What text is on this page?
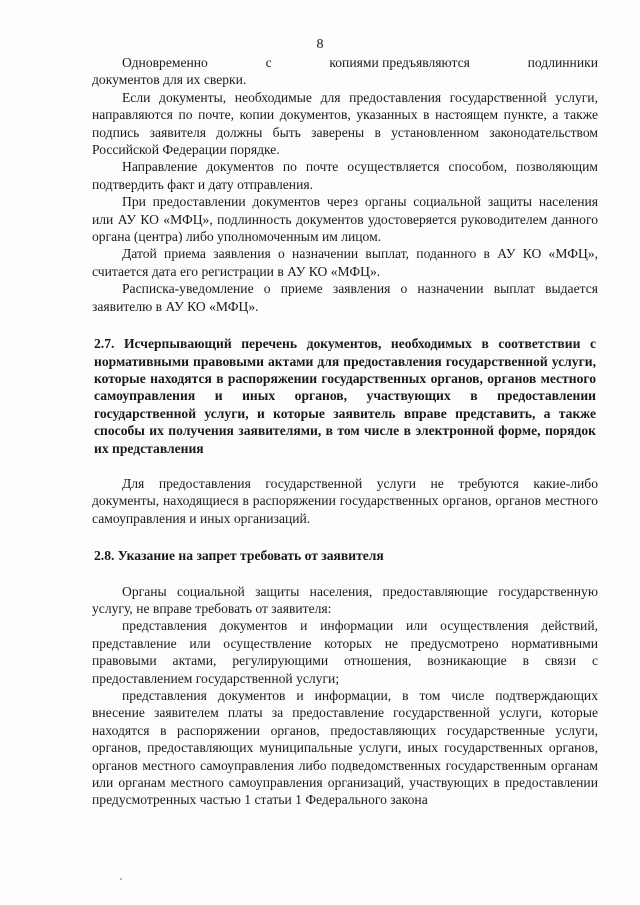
8
Одновременно	с	копиями предъявляются	подлинники

документов для их сверки.

Если документы, необходимые для предоставления государственной услуги, направляются по почте, копии документов, указанных в настоящем пункте, а также подпись заявителя должны быть заверены в установленном законодательством Российской Федерации порядке.

Направление документов по почте осуществляется способом, позволяющим подтвердить факт и дату отправления.

При предоставлении документов через органы социальной защиты населения или АУ КО «МФЦ», подлинность документов удостоверяется руководителем данного органа (центра) либо уполномоченным им лицом.

Датой приема заявления о назначении выплат, поданного в АУ КО «МФЦ», считается дата его регистрации в АУ КО «МФЦ».

Расписка-уведомление о приеме заявления о назначении выплат выдается заявителю в АУ КО «МФЦ».

2.7. Исчерпывающий перечень документов, необходимых в соответствии с нормативными правовыми актами для предоставления государственной услуги, которые находятся в распоряжении государственных органов, органов местного самоуправления и иных органов, участвующих в предоставлении государственной услуги, и которые заявитель вправе представить, а также способы их получения заявителями, в том числе в электронной форме, порядок их представления

Для предоставления государственной услуги не требуются какие-либо документы, находящиеся в распоряжении государственных органов, органов местного самоуправления и иных организаций.

2.8. Указание на запрет требовать от заявителя

Органы социальной защиты населения, предоставляющие государственную услугу, не вправе требовать от заявителя:

представления документов и информации или осуществления действий, представление или осуществление которых не предусмотрено нормативными правовыми актами, регулирующими отношения, возникающие в связи с предоставлением государственной услуги;

представления документов и информации, в том числе подтверждающих внесение заявителем платы за предоставление государственной услуги, которые находятся в распоряжении органов, предоставляющих государственные услуги, органов, предоставляющих муниципальные услуги, иных государственных органов, органов местного самоуправления либо подведомственных государственным органам или органам местного самоуправления организаций, участвующих в предоставлении предусмотренных частью 1 статьи 1 Федерального закона
